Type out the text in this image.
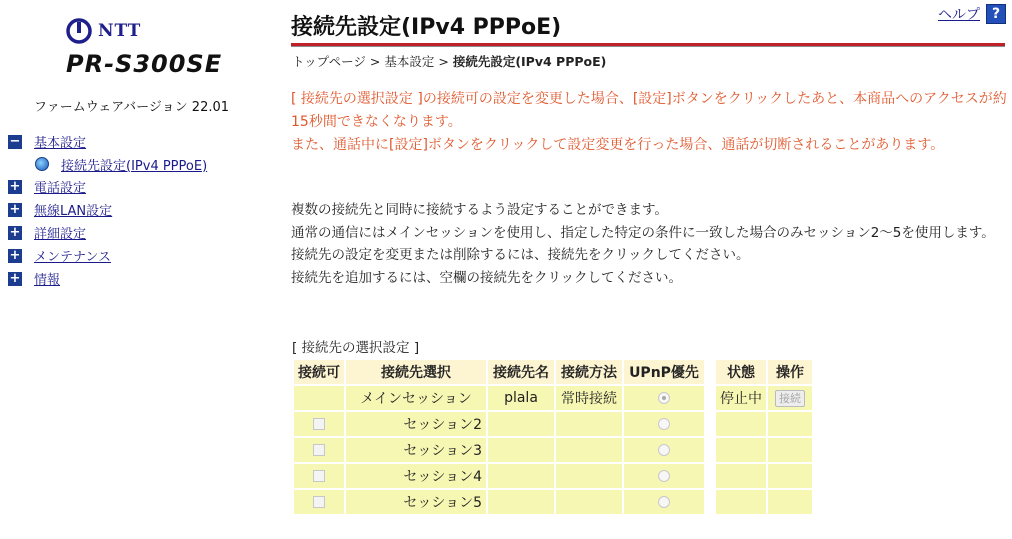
NTT
PR-S300SE
ファームウェアバージョン 22.01
− 基本設定
接続先設定(IPv4 PPPoE)
+ 電話設定
+ 無線LAN設定
+ 詳細設定
+ メンテナンス
+ 情報
接続先設定(IPv4 PPPoE)	ヘルプ ?
トップページ > 基本設定 > 接続先設定(IPv4 PPPoE)
[ 接続先の選択設定 ]の接続可の設定を変更した場合、[設定]ボタンをクリックしたあと、本商品へのアクセスが約15秒間できなくなります。
また、通話中に[設定]ボタンをクリックして設定変更を行った場合、通話が切断されることがあります。
複数の接続先と同時に接続するよう設定することができます。
通常の通信にはメインセッションを使用し、指定した特定の条件に一致した場合のみセッション2〜5を使用します。
接続先の設定を変更または削除するには、接続先をクリックしてください。
接続先を追加するには、空欄の接続先をクリックしてください。
[ 接続先の選択設定 ]
接続可	接続先選択	接続先名	接続方法	UPnP優先		状態	操作
	メインセッション	plala	常時接続			停止中	接続
	セッション2						
	セッション3						
	セッション4						
	セッション5						
